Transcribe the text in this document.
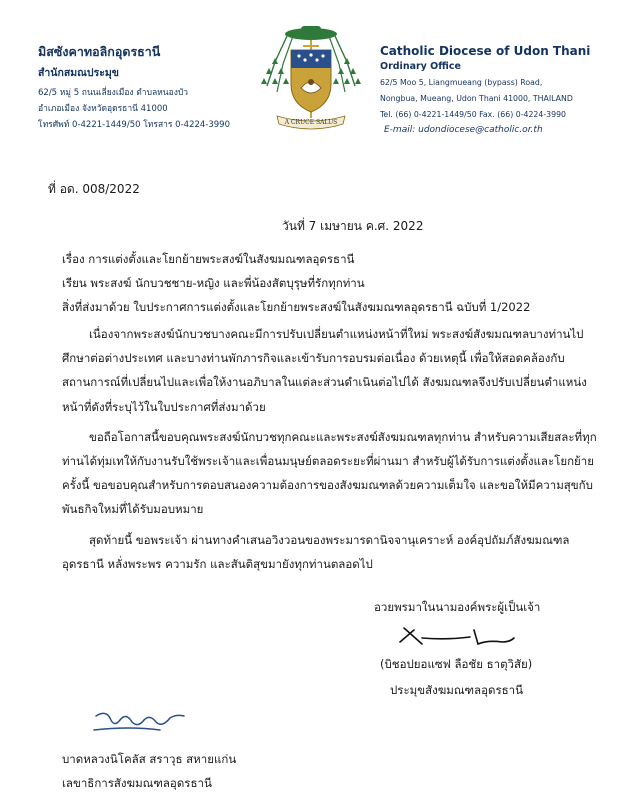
มิสซังคาทอลิกอุดรธานี
สำนักสมณประมุข
62/5 หมู่ 5 ถนนเลี่ยงเมือง ตำบลหนองบัว
อำเภอเมือง จังหวัดอุดรธานี 41000
โทรศัพท์ 0-4221-1449/50 โทรสาร 0-4224-3990	A CRUCE SALUS
Catholic Diocese of Udon Thani
Ordinary Office
62/5 Moo 5, Liangmueang (bypass) Road,
Nongbua, Mueang, Udon Thani 41000, THAILAND
Tel. (66) 0-4221-1449/50 Fax. (66) 0-4224-3990
E-mail: udondiocese@catholic.or.th
ที่ อด. 008/2022
วันที่ 7 เมษายน ค.ศ. 2022
เรื่อง การแต่งตั้งและโยกย้ายพระสงฆ์ในสังฆมณฑลอุดรธานี
เรียน พระสงฆ์ นักบวชชาย-หญิง และพี่น้องสัตบุรุษที่รักทุกท่าน
สิ่งที่ส่งมาด้วย ใบประกาศการแต่งตั้งและโยกย้ายพระสงฆ์ในสังฆมณฑลอุดรธานี ฉบับที่ 1/2022

เนื่องจากพระสงฆ์นักบวชบางคณะมีการปรับเปลี่ยนตำแหน่งหน้าที่ใหม่ พระสงฆ์สังฆมณฑลบางท่านไป
ศึกษาต่อต่างประเทศ และบางท่านพักภารกิจและเข้ารับการอบรมต่อเนื่อง ด้วยเหตุนี้ เพื่อให้สอดคล้องกับ
สถานการณ์ที่เปลี่ยนไปและเพื่อให้งานอภิบาลในแต่ละส่วนดำเนินต่อไปได้ สังฆมณฑลจึงปรับเปลี่ยนตำแหน่ง
หน้าที่ดังที่ระบุไว้ในใบประกาศที่ส่งมาด้วย

ขอถือโอกาสนี้ขอบคุณพระสงฆ์นักบวชทุกคณะและพระสงฆ์สังฆมณฑลทุกท่าน สำหรับความเสียสละที่ทุก
ท่านได้ทุ่มเทให้กับงานรับใช้พระเจ้าและเพื่อนมนุษย์ตลอดระยะที่ผ่านมา สำหรับผู้ได้รับการแต่งตั้งและโยกย้าย
ครั้งนี้ ขอขอบคุณสำหรับการตอบสนองความต้องการของสังฆมณฑลด้วยความเต็มใจ และขอให้มีความสุขกับ
พันธกิจใหม่ที่ได้รับมอบหมาย

สุดท้ายนี้ ขอพระเจ้า ผ่านทางคำเสนอวิงวอนของพระมารดานิจจานุเคราะห์ องค์อุปถัมภ์สังฆมณฑล
อุดรธานี หลั่งพระพร ความรัก และสันติสุขมายังทุกท่านตลอดไป

อวยพรมาในนามองค์พระผู้เป็นเจ้า
(บิชอปยอแซฟ ลือชัย ธาตุวิสัย)
ประมุขสังฆมณฑลอุดรธานี
บาดหลวงนิโคลัส สราวุธ สหายแก่น
เลขาธิการสังฆมณฑลอุดรธานี
